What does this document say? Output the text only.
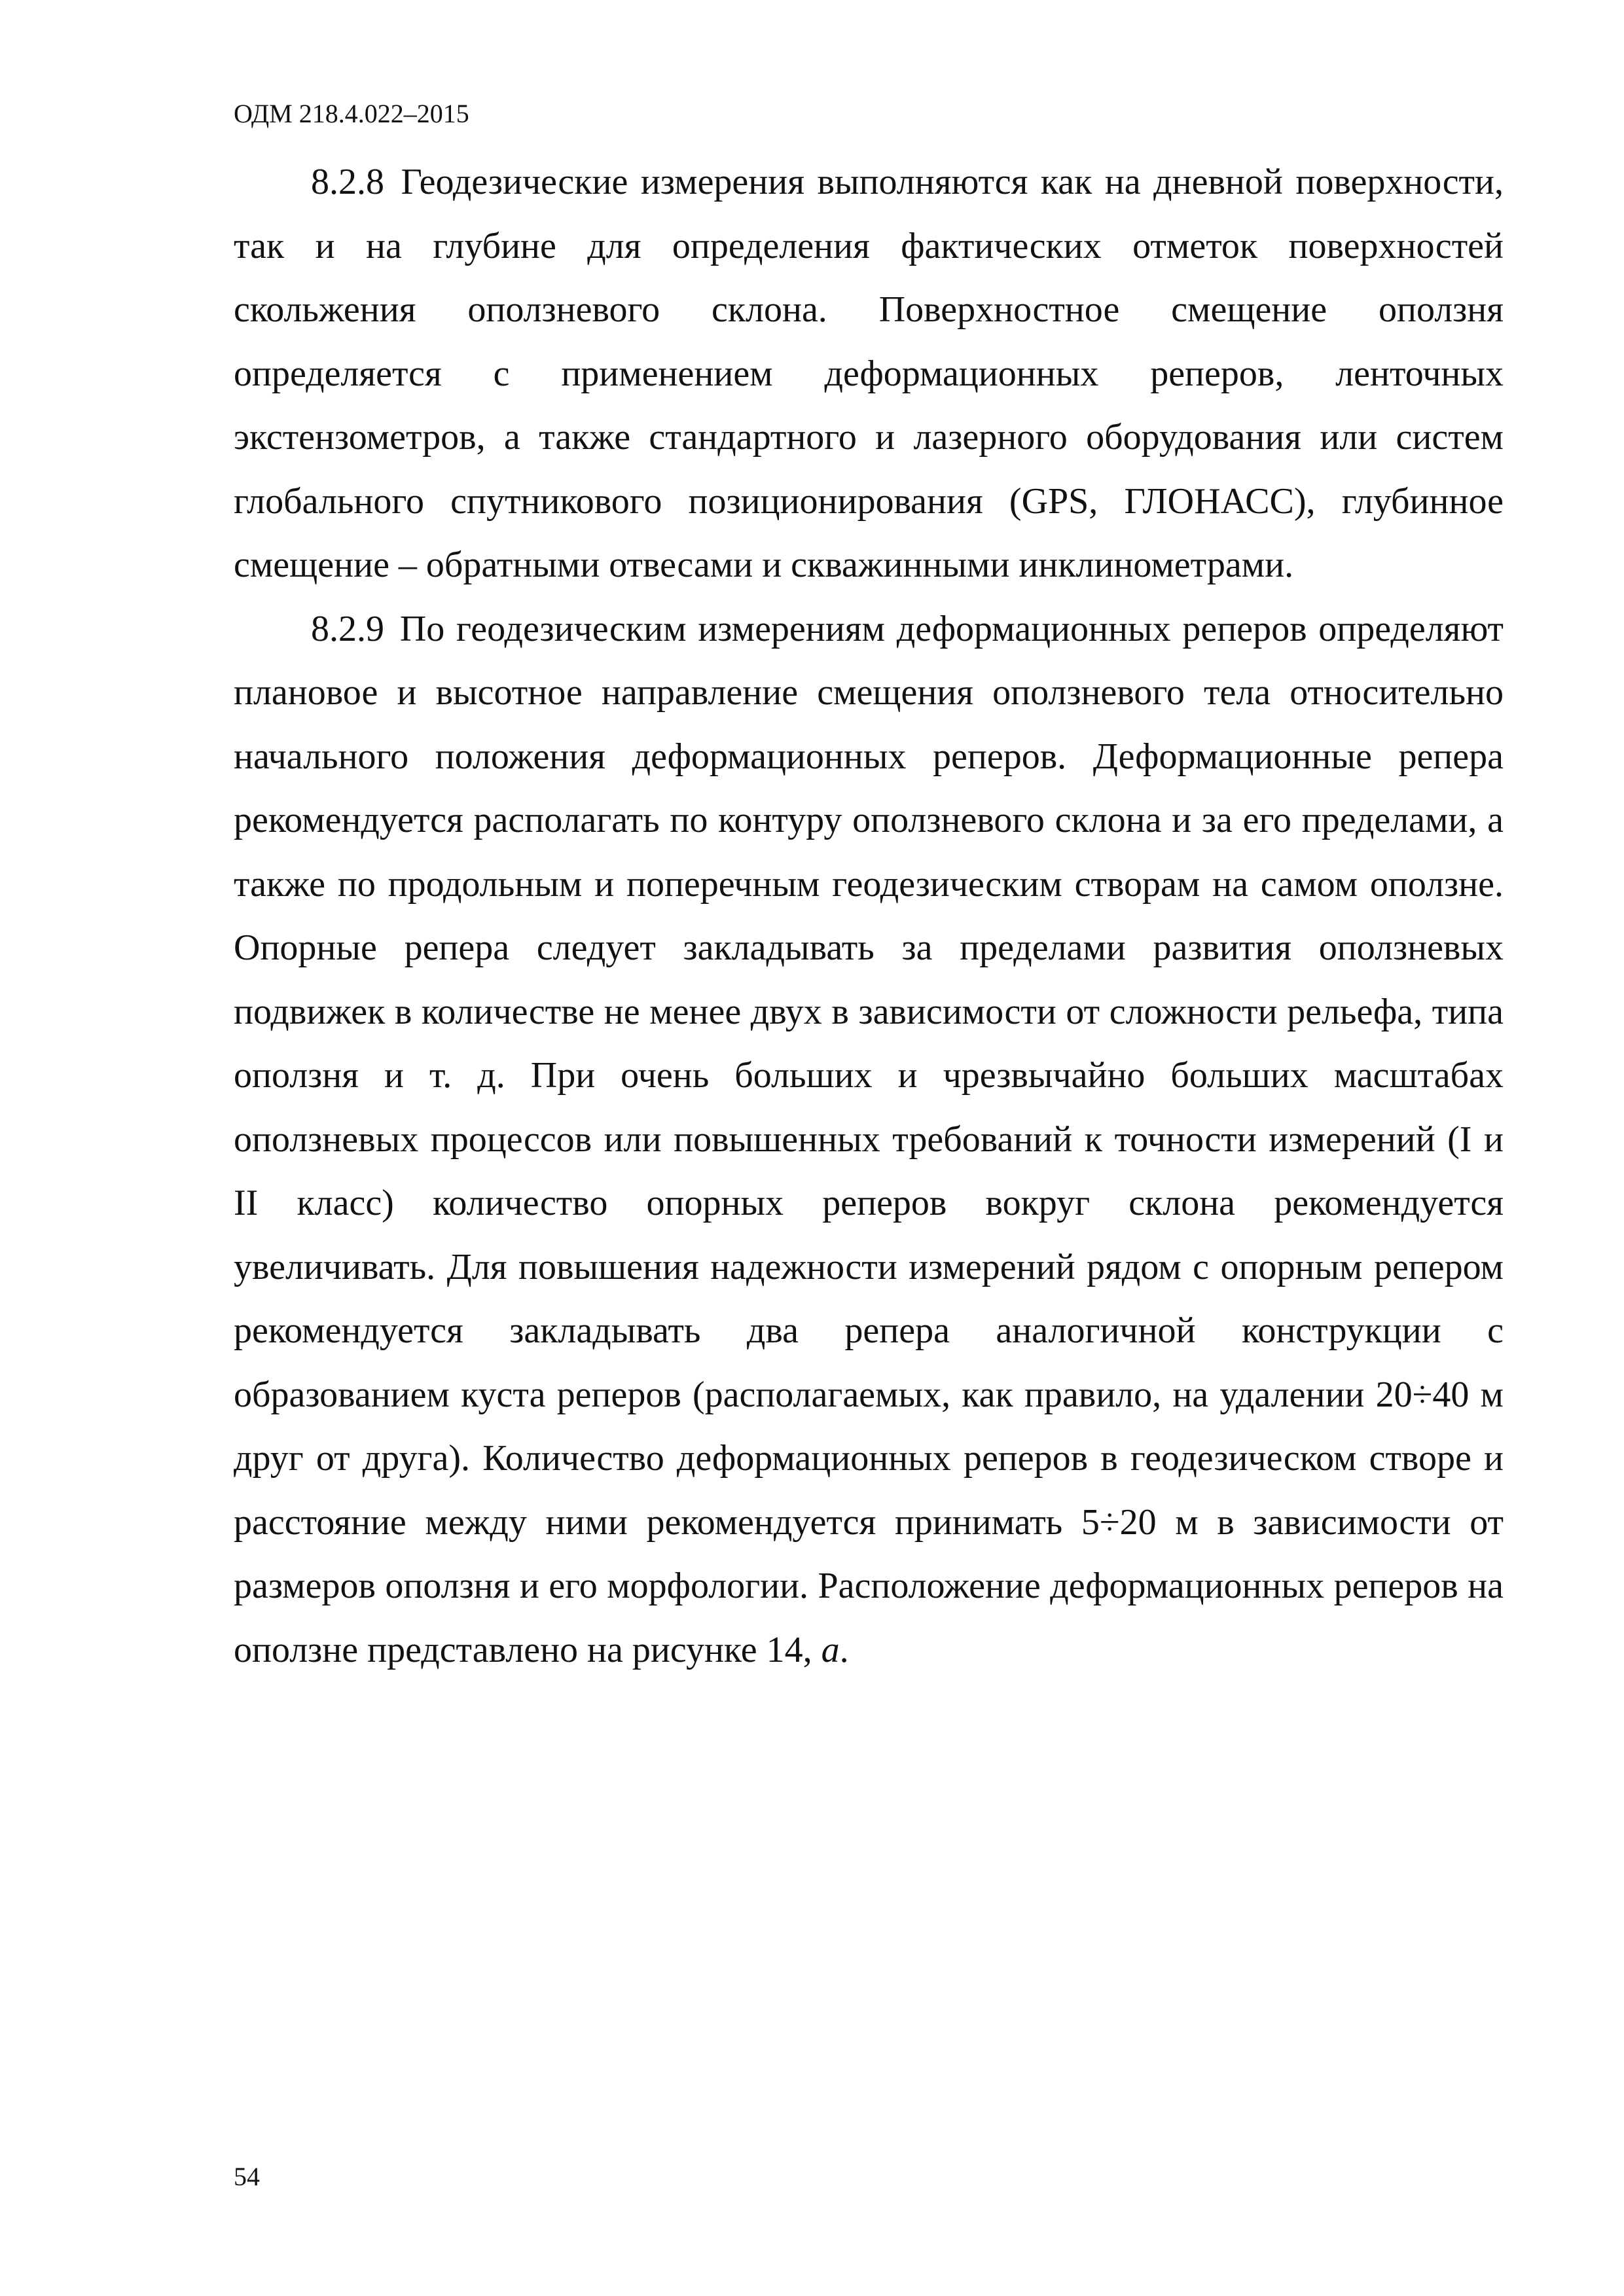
ОДМ 218.4.022–2015

8.2.8 Геодезические измерения выполняются как на дневной поверхности, так и на глубине для определения фактических отметок поверхностей скольжения оползневого склона. Поверхностное смещение оползня определяется с применением деформационных реперов, ленточных экстензометров, а также стандартного и лазерного оборудования или систем глобального спутникового позиционирования (GPS, ГЛОНАСС), глубинное смещение – обратными отвесами и скважинными инклинометрами.

8.2.9 По геодезическим измерениям деформационных реперов определяют плановое и высотное направление смещения оползневого тела относительно начального положения деформационных реперов. Деформационные репера рекомендуется располагать по контуру оползневого склона и за его пределами, а также по продольным и поперечным геодезическим створам на самом оползне. Опорные репера следует закладывать за пределами развития оползневых подвижек в количестве не менее двух в зависимости от сложности рельефа, типа оползня и т. д. При очень больших и чрезвычайно больших масштабах оползневых процессов или повышенных требований к точности измерений (I и II класс) количество опорных реперов вокруг склона рекомендуется увеличивать. Для повышения надежности измерений рядом с опорным репером рекомендуется закладывать два репера аналогичной конструкции с образованием куста реперов (располагаемых, как правило, на удалении 20÷40 м друг от друга). Количество деформационных реперов в геодезическом створе и расстояние между ними рекомендуется принимать 5÷20 м в зависимости от размеров оползня и его морфологии. Расположение деформационных реперов на оползне представлено на рисунке 14, а.

54
